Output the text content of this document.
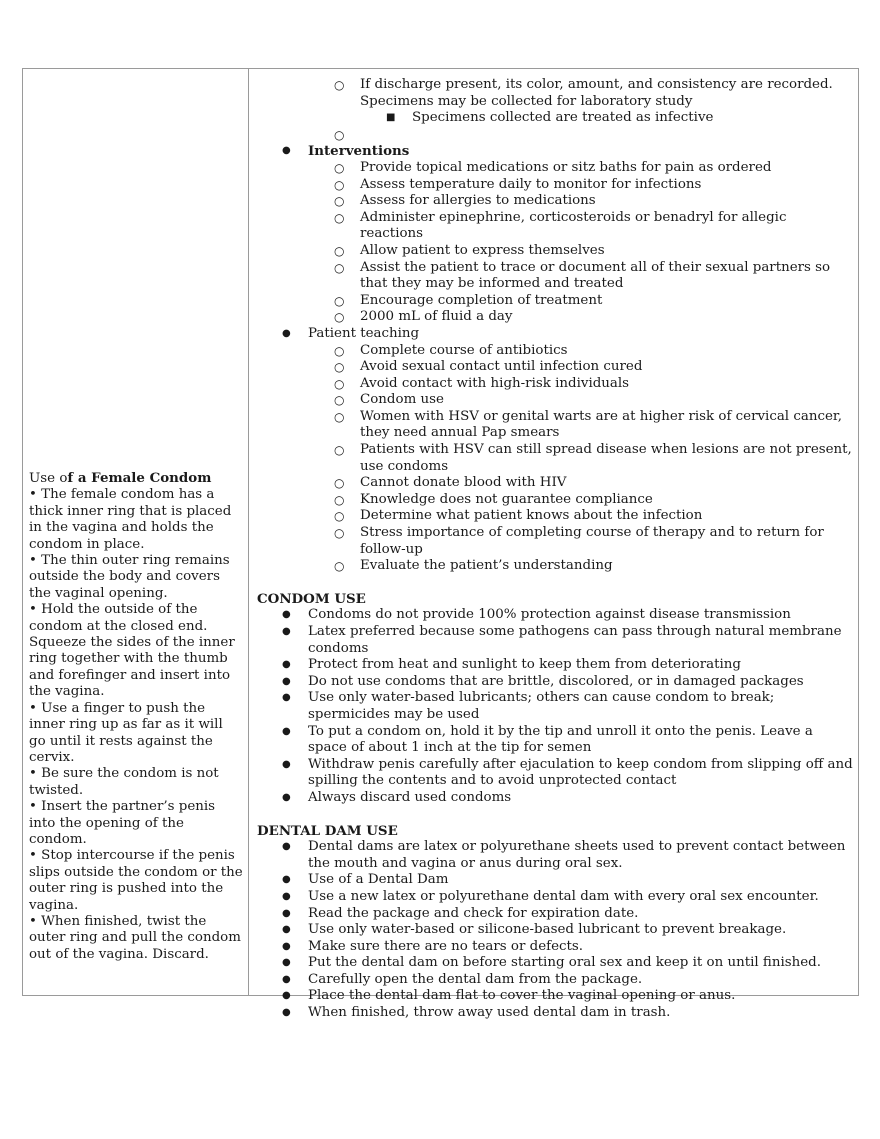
Use of a Female Condom

• The female condom has a thick inner ring that is placed in the vagina and holds the condom in place.

• The thin outer ring remains outside the body and covers the vaginal opening.

• Hold the outside of the condom at the closed end. Squeeze the sides of the inner ring together with the thumb and forefinger and insert into the vagina.

• Use a finger to push the inner ring up as far as it will go until it rests against the cervix.

• Be sure the condom is not twisted.

• Insert the partner’s penis into the opening of the condom.

• Stop intercourse if the penis slips outside the condom or the outer ring is pushed into the vagina.

• When finished, twist the outer ring and pull the condom out of the vagina. Discard.

○ If discharge present, its color, amount, and consistency are recorded. Specimens may be collected for laboratory study
■ Specimens collected are treated as infective
○
● Interventions
○ Provide topical medications or sitz baths for pain as ordered
○ Assess temperature daily to monitor for infections
○ Assess for allergies to medications
○ Administer epinephrine, corticosteroids or benadryl for allegic reactions
○ Allow patient to express themselves
○ Assist the patient to trace or document all of their sexual partners so that they may be informed and treated
○ Encourage completion of treatment
○ 2000 mL of fluid a day
● Patient teaching
○ Complete course of antibiotics
○ Avoid sexual contact until infection cured
○ Avoid contact with high-risk individuals
○ Condom use
○ Women with HSV or genital warts are at higher risk of cervical cancer, they need annual Pap smears
○ Patients with HSV can still spread disease when lesions are not present, use condoms
○ Cannot donate blood with HIV
○ Knowledge does not guarantee compliance
○ Determine what patient knows about the infection
○ Stress importance of completing course of therapy and to return for follow-up
○ Evaluate the patient’s understanding
CONDOM USE
● Condoms do not provide 100% protection against disease transmission
● Latex preferred because some pathogens can pass through natural membrane condoms
● Protect from heat and sunlight to keep them from deteriorating
● Do not use condoms that are brittle, discolored, or in damaged packages
● Use only water-based lubricants; others can cause condom to break; spermicides may be used
● To put a condom on, hold it by the tip and unroll it onto the penis. Leave a space of about 1 inch at the tip for semen
● Withdraw penis carefully after ejaculation to keep condom from slipping off and spilling the contents and to avoid unprotected contact
● Always discard used condoms
DENTAL DAM USE
● Dental dams are latex or polyurethane sheets used to prevent contact between the mouth and vagina or anus during oral sex.
● Use of a Dental Dam
● Use a new latex or polyurethane dental dam with every oral sex encounter.
● Read the package and check for expiration date.
● Use only water-based or silicone-based lubricant to prevent breakage.
● Make sure there are no tears or defects.
● Put the dental dam on before starting oral sex and keep it on until finished.
● Carefully open the dental dam from the package.
● Place the dental dam flat to cover the vaginal opening or anus.
● When finished, throw away used dental dam in trash.
